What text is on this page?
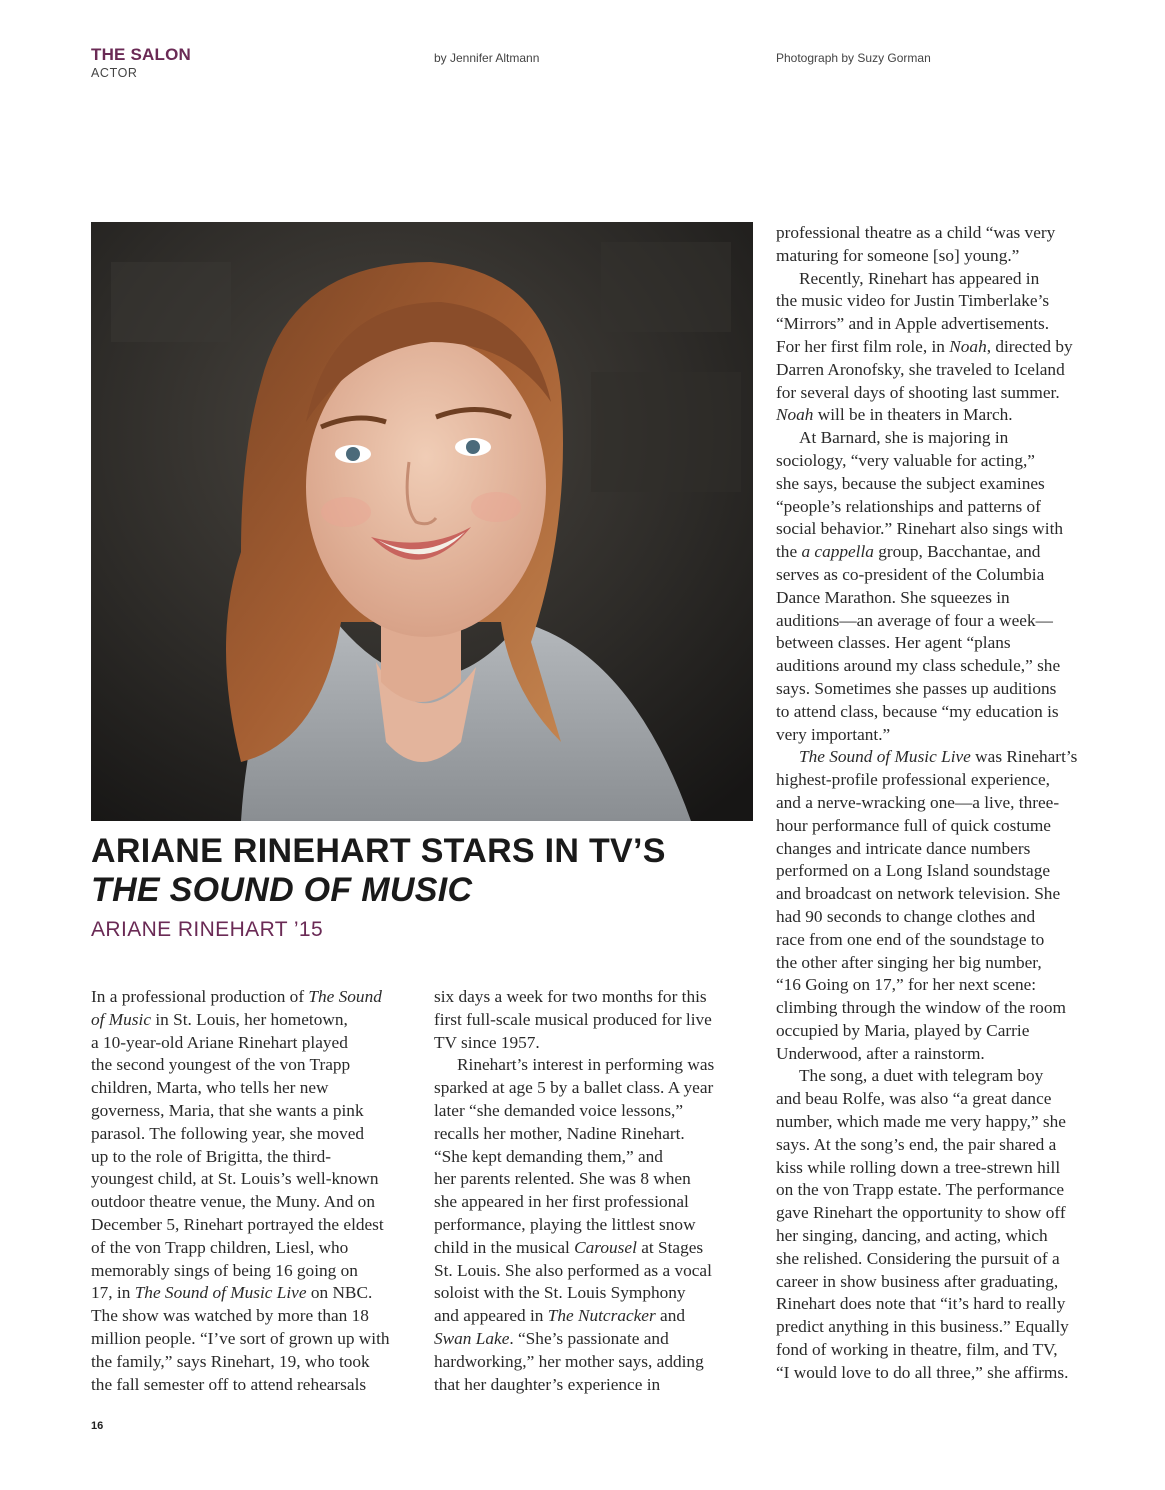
THE SALON
ACTOR
by Jennifer Altmann	Photograph by Suzy Gorman
ARIANE RINEHART STARS IN TV’S
THE SOUND OF MUSIC
ARIANE RINEHART ’15

In a professional production of The Sound
of Music in St. Louis, her hometown,
a 10-year-old Ariane Rinehart played
the second youngest of the von Trapp
children, Marta, who tells her new
governess, Maria, that she wants a pink
parasol. The following year, she moved
up to the role of Brigitta, the third-
youngest child, at St. Louis’s well-known
outdoor theatre venue, the Muny. And on
December 5, Rinehart portrayed the eldest
of the von Trapp children, Liesl, who
memorably sings of being 16 going on
17, in The Sound of Music Live on NBC.
The show was watched by more than 18
million people. “I’ve sort of grown up with
the family,” says Rinehart, 19, who took
the fall semester off to attend rehearsals

six days a week for two months for this
first full-scale musical produced for live
TV since 1957.

Rinehart’s interest in performing was
sparked at age 5 by a ballet class. A year
later “she demanded voice lessons,”
recalls her mother, Nadine Rinehart.
“She kept demanding them,” and
her parents relented. She was 8 when
she appeared in her first professional
performance, playing the littlest snow
child in the musical Carousel at Stages
St. Louis. She also performed as a vocal
soloist with the St. Louis Symphony
and appeared in The Nutcracker and
Swan Lake. “She’s passionate and
hardworking,” her mother says, adding
that her daughter’s experience in

professional theatre as a child “was very
maturing for someone [so] young.”

Recently, Rinehart has appeared in
the music video for Justin Timberlake’s
“Mirrors” and in Apple advertisements.
For her first film role, in Noah, directed by
Darren Aronofsky, she traveled to Iceland
for several days of shooting last summer.
Noah will be in theaters in March.

At Barnard, she is majoring in
sociology, “very valuable for acting,”
she says, because the subject examines
“people’s relationships and patterns of
social behavior.” Rinehart also sings with
the a cappella group, Bacchantae, and
serves as co-president of the Columbia
Dance Marathon. She squeezes in
auditions—an average of four a week—
between classes. Her agent “plans
auditions around my class schedule,” she
says. Sometimes she passes up auditions
to attend class, because “my education is
very important.”

The Sound of Music Live was Rinehart’s
highest-profile professional experience,
and a nerve-wracking one—a live, three-
hour performance full of quick costume
changes and intricate dance numbers
performed on a Long Island soundstage
and broadcast on network television. She
had 90 seconds to change clothes and
race from one end of the soundstage to
the other after singing her big number,
“16 Going on 17,” for her next scene:
climbing through the window of the room
occupied by Maria, played by Carrie
Underwood, after a rainstorm.

The song, a duet with telegram boy
and beau Rolfe, was also “a great dance
number, which made me very happy,” she
says. At the song’s end, the pair shared a
kiss while rolling down a tree-strewn hill
on the von Trapp estate. The performance
gave Rinehart the opportunity to show off
her singing, dancing, and acting, which
she relished. Considering the pursuit of a
career in show business after graduating,
Rinehart does note that “it’s hard to really
predict anything in this business.” Equally
fond of working in theatre, film, and TV,
“I would love to do all three,” she affirms.

16
